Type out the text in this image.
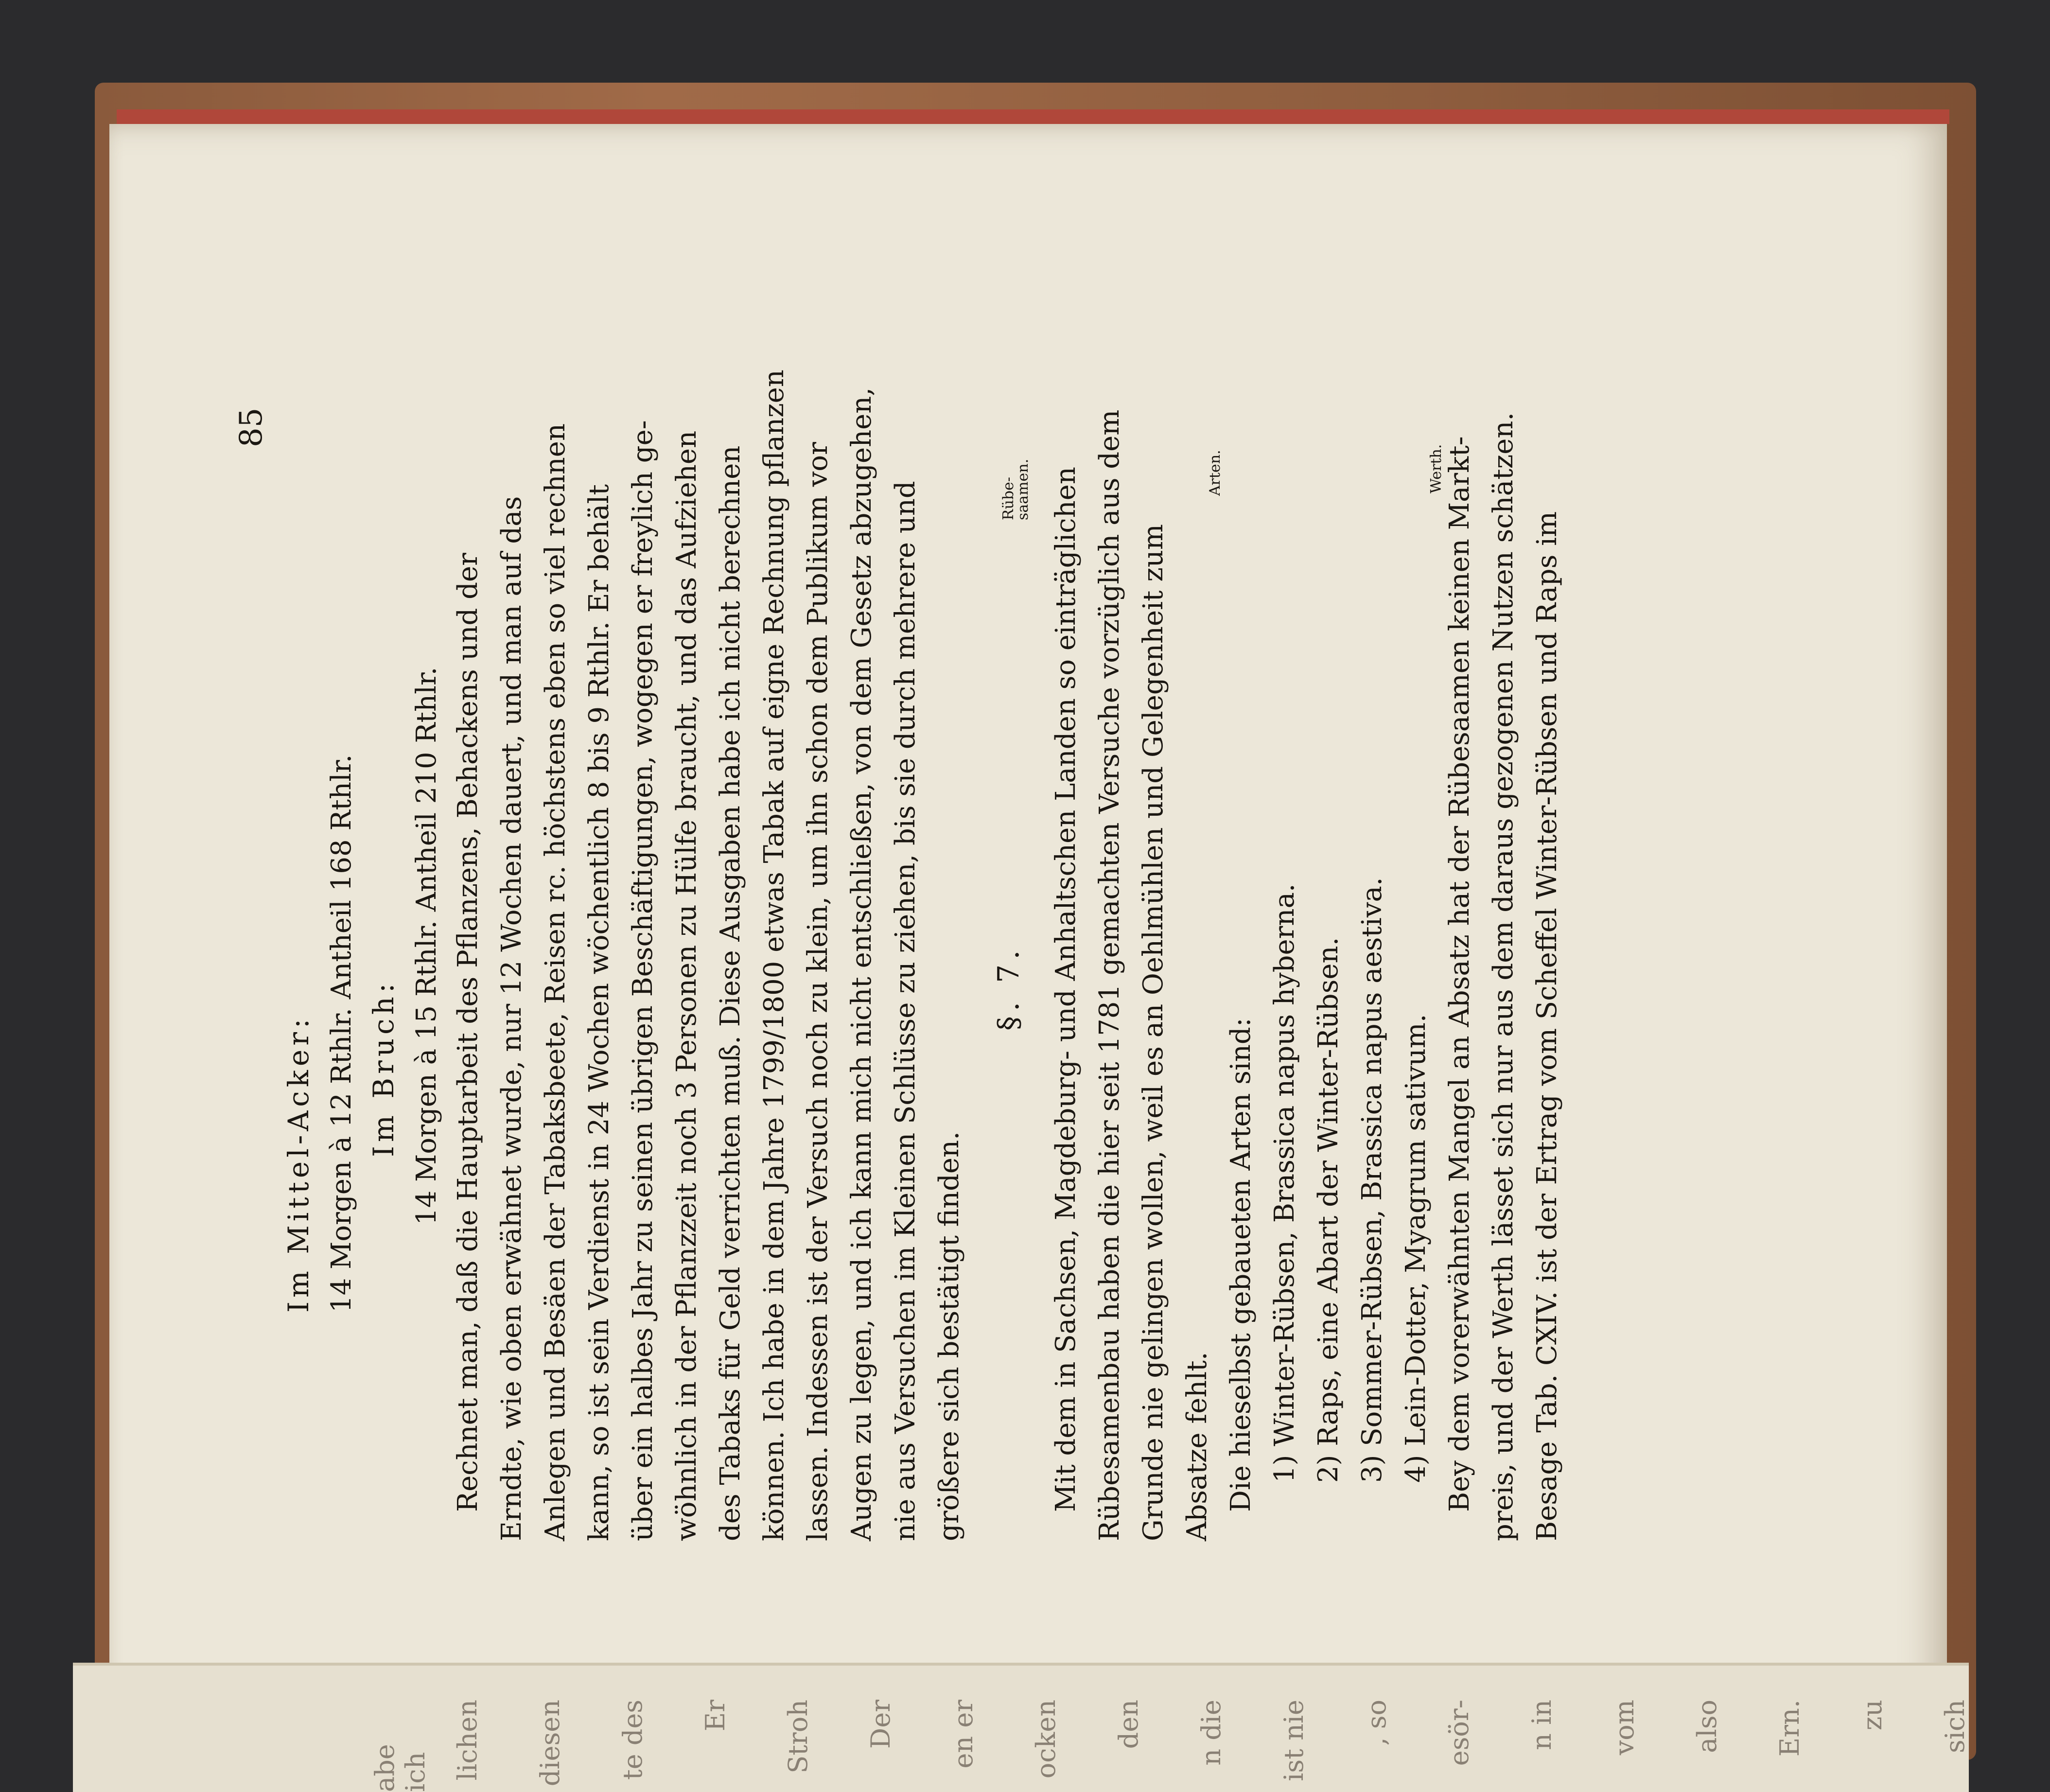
abe ich lichen diesen te des Er Stroh Der en er ocken den n die ist nie , so esör- n in vom also Ern. zu sich
85
Im Mittel-Acker: 14 Morgen à 12 Rthlr. Antheil 168 Rthlr. Im Bruch: 14 Morgen à 15 Rthlr. Antheil 210 Rthlr. Rechnet man, daß die Hauptarbeit des Pflanzens, Behackens und der Erndte, wie oben erwähnet wurde, nur 12 Wochen dauert, und man auf das Anlegen und Besäen der Tabaksbeete, Reisen rc. höchstens eben so viel rechnen kann, so ist sein Verdienst in 24 Wochen wöchentlich 8 bis 9 Rthlr. Er behält über ein halbes Jahr zu seinen übrigen Beschäftigungen, wogegen er freylich ge- wöhnlich in der Pflanzzeit noch 3 Personen zu Hülfe braucht, und das Aufziehen des Tabaks für Geld verrichten muß. Diese Ausgaben habe ich nicht berechnen können. Ich habe in dem Jahre 1799/1800 etwas Tabak auf eigne Rechnung pflanzen lassen. Indessen ist der Versuch noch zu klein, um ihn schon dem Publikum vor Augen zu legen, und ich kann mich nicht entschließen, von dem Gesetz abzugehen, nie aus Versuchen im Kleinen Schlüsse zu ziehen, bis sie durch mehrere und größere sich bestätigt finden.
§. 7. Mit dem in Sachsen, Magdeburg- und Anhaltschen Landen so einträglichen
Rübe-saamen. Rübesamenbau haben die hier seit 1781 gemachten Versuche vorzüglich aus dem Grunde nie gelingen wollen, weil es an Oehlmühlen und Gelegenheit zum Absatze fehlt. Die hieselbst gebaueten Arten sind:
Arten.
1) Winter-Rübsen, Brassica napus hyberna. 2) Raps, eine Abart der Winter-Rübsen. 3) Sommer-Rübsen, Brassica napus aestiva. 4) Lein-Dotter, Myagrum sativum. Bey dem vorerwähnten Mangel an Absatz hat der Rübesaamen keinen Markt-
Werth. preis, und der Werth lässet sich nur aus dem daraus gezogenen Nutzen schätzen. Besage Tab. CXIV. ist der Ertrag vom Scheffel Winter-Rübsen und Raps im
